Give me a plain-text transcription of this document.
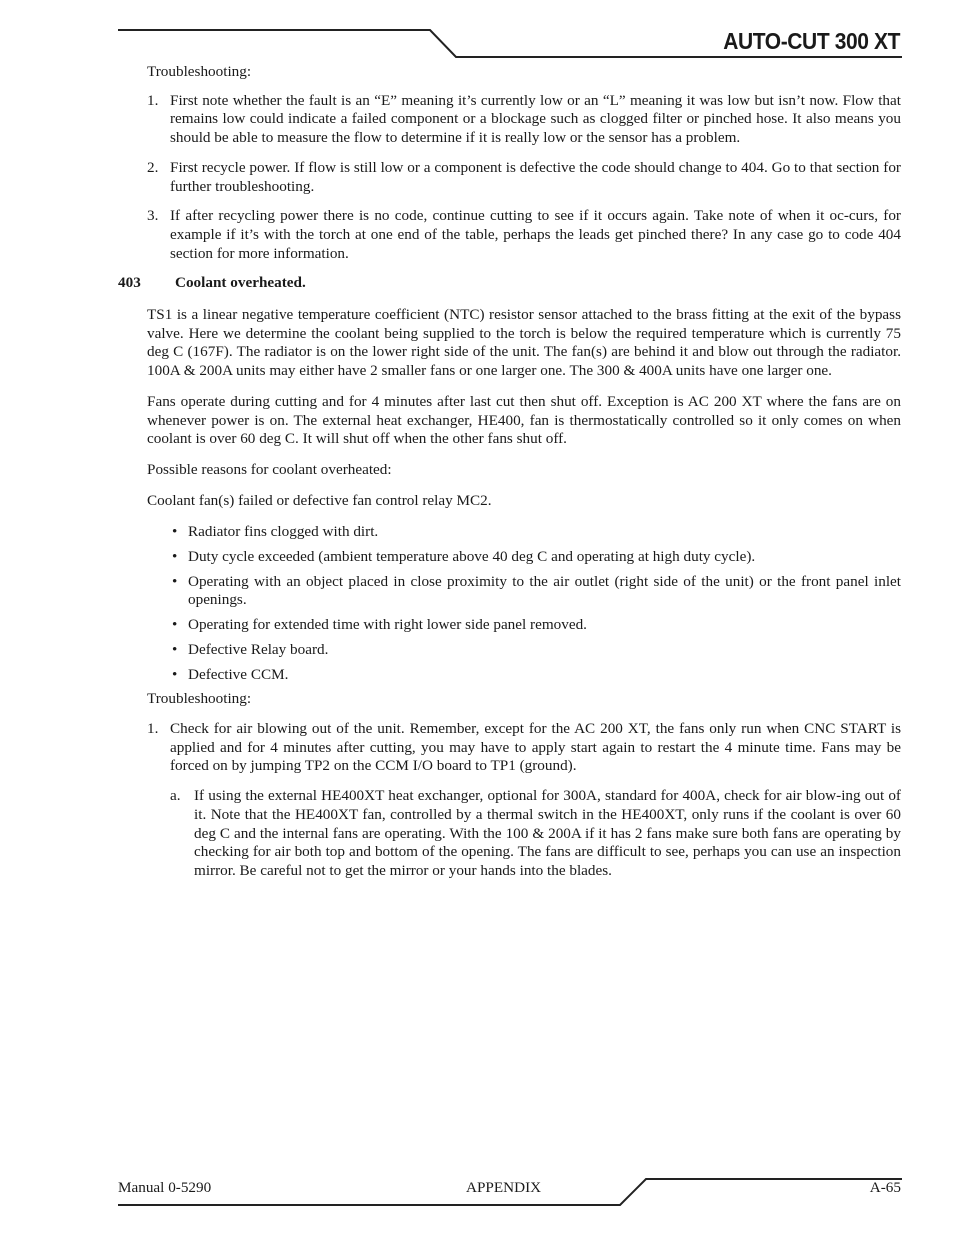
AUTO-CUT 300 XT
Troubleshooting:
1. First note whether the fault is an “E” meaning it’s currently low or an “L” meaning it was low but isn’t now. Flow that remains low could indicate a failed component or a blockage such as clogged filter or pinched hose. It also means you should be able to measure the flow to determine if it is really low or the sensor has a problem.
2. First recycle power. If flow is still low or a component is defective the code should change to 404. Go to that section for further troubleshooting.
3. If after recycling power there is no code, continue cutting to see if it occurs again. Take note of when it oc-curs, for example if it’s with the torch at one end of the table, perhaps the leads get pinched there? In any case go to code 404 section for more information.
403 Coolant overheated.
TS1 is a linear negative temperature coefficient (NTC) resistor sensor attached to the brass fitting at the exit of the bypass valve. Here we determine the coolant being supplied to the torch is below the required temperature which is currently 75 deg C (167F). The radiator is on the lower right side of the unit. The fan(s) are behind it and blow out through the radiator. 100A & 200A units may either have 2 smaller fans or one larger one. The 300 & 400A units have one larger one.
Fans operate during cutting and for 4 minutes after last cut then shut off. Exception is AC 200 XT where the fans are on whenever power is on. The external heat exchanger, HE400, fan is thermostatically controlled so it only comes on when coolant is over 60 deg C. It will shut off when the other fans shut off.
Possible reasons for coolant overheated:
Coolant fan(s) failed or defective fan control relay MC2.
• Radiator fins clogged with dirt.
• Duty cycle exceeded (ambient temperature above 40 deg C and operating at high duty cycle).
• Operating with an object placed in close proximity to the air outlet (right side of the unit) or the front panel inlet openings.
• Operating for extended time with right lower side panel removed.
• Defective Relay board.
• Defective CCM.
Troubleshooting:
1. Check for air blowing out of the unit. Remember, except for the AC 200 XT, the fans only run when CNC START is applied and for 4 minutes after cutting, you may have to apply start again to restart the 4 minute time. Fans may be forced on by jumping TP2 on the CCM I/O board to TP1 (ground).
a. If using the external HE400XT heat exchanger, optional for 300A, standard for 400A, check for air blow-ing out of it. Note that the HE400XT fan, controlled by a thermal switch in the HE400XT, only runs if the coolant is over 60 deg C and the internal fans are operating. With the 100 & 200A if it has 2 fans make sure both fans are operating by checking for air both top and bottom of the opening. The fans are difficult to see, perhaps you can use an inspection mirror. Be careful not to get the mirror or your hands into the blades.
Manual 0-5290	APPENDIX	A-65
